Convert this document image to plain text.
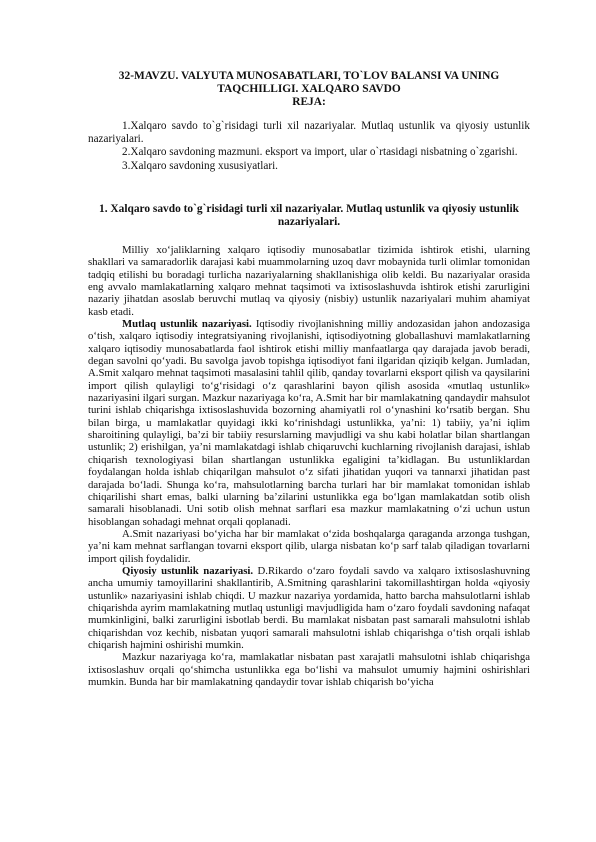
32-MAVZU. VALYUTA MUNOSABATLARI, TO`LOV BALANSI VA UNING
TAQCHILLIGI. XALQARO SAVDO

REJA:

1.Xalqaro savdo to`g`risidagi turli xil nazariyalar. Mutlaq ustunlik va qiyosiy ustunlik nazariyalari.

2.Xalqaro savdoning mazmuni. eksport va import, ular o`rtasidagi nisbatning o`zgarishi.

3.Xalqaro savdoning xususiyatlari.

1. Xalqaro savdo to`g`risidagi turli xil nazariyalar. Mutlaq ustunlik va qiyosiy ustunlik nazariyalari.

Milliy xo‘jaliklarning xalqaro iqtisodiy munosabatlar tizimida ishtirok etishi, ularning shakllari va samaradorlik darajasi kabi muammolarning uzoq davr mobaynida turli olimlar tomonidan tadqiq etilishi bu boradagi turlicha nazariyalarning shakllanishiga olib keldi. Bu nazariyalar orasida eng avvalo mamlakatlarning xalqaro mehnat taqsimoti va ixtisoslashuvda ishtirok etishi zarurligini nazariy jihatdan asoslab beruvchi mutlaq va qiyosiy (nisbiy) ustunlik nazariyalari muhim ahamiyat kasb etadi.

Mutlaq ustunlik nazariyasi. Iqtisodiy rivojlanishning milliy andozasidan jahon andozasiga o‘tish, xalqaro iqtisodiy integratsiyaning rivojlanishi, iqtisodiyotning globallashuvi mamlakatlarning xalqaro iqtisodiy munosabatlarda faol ishtirok etishi milliy manfaatlarga qay darajada javob beradi, degan savolni qo‘yadi. Bu savolga javob topishga iqtisodiyot fani ilgaridan qiziqib kelgan. Jumladan, A.Smit xalqaro mehnat taqsimoti masalasini tahlil qilib, qanday tovarlarni eksport qilish va qaysilarini import qilish qulayligi to‘g‘risidagi o‘z qarashlarini bayon qilish asosida «mutlaq ustunlik» nazariyasini ilgari surgan. Mazkur nazariyaga ko‘ra, A.Smit har bir mamlakatning qandaydir mahsulot turini ishlab chiqarishga ixtisoslashuvida bozorning ahamiyatli rol o‘ynashini ko‘rsatib bergan. Shu bilan birga, u mamlakatlar quyidagi ikki ko‘rinishdagi ustunlikka, ya’ni: 1) tabiiy, ya’ni iqlim sharoitining qulayligi, ba’zi bir tabiiy resurslarning mavjudligi va shu kabi holatlar bilan shartlangan ustunlik; 2) erishilgan, ya’ni mamlakatdagi ishlab chiqaruvchi kuchlarning rivojlanish darajasi, ishlab chiqarish texnologiyasi bilan shartlangan ustunlikka egaligini ta’kidlagan. Bu ustunliklardan foydalangan holda ishlab chiqarilgan mahsulot o‘z sifati jihatidan yuqori va tannarxi jihatidan past darajada bo‘ladi. Shunga ko‘ra, mahsulotlarning barcha turlari har bir mamlakat tomonidan ishlab chiqarilishi shart emas, balki ularning ba’zilarini ustunlikka ega bo‘lgan mamlakatdan sotib olish samarali hisoblanadi. Uni sotib olish mehnat sarflari esa mazkur mamlakatning o‘zi uchun ustun hisoblangan sohadagi mehnat orqali qoplanadi.

A.Smit nazariyasi bo‘yicha har bir mamlakat o‘zida boshqalarga qaraganda arzonga tushgan, ya’ni kam mehnat sarflangan tovarni eksport qilib, ularga nisbatan ko‘p sarf talab qiladigan tovarlarni import qilish foydalidir.

Qiyosiy ustunlik nazariyasi. D.Rikardo o‘zaro foydali savdo va xalqaro ixtisoslashuvning ancha umumiy tamoyillarini shakllantirib, A.Smitning qarashlarini takomillashtirgan holda «qiyosiy ustunlik» nazariyasini ishlab chiqdi. U mazkur nazariya yordamida, hatto barcha mahsulotlarni ishlab chiqarishda ayrim mamlakatning mutlaq ustunligi mavjudligida ham o‘zaro foydali savdoning nafaqat mumkinligini, balki zarurligini isbotlab berdi. Bu mamlakat nisbatan past samarali mahsulotni ishlab chiqarishdan voz kechib, nisbatan yuqori samarali mahsulotni ishlab chiqarishga o‘tish orqali ishlab chiqarish hajmini oshirishi mumkin.

Mazkur nazariyaga ko‘ra, mamlakatlar nisbatan past xarajatli mahsulotni ishlab chiqarishga ixtisoslashuv orqali qo‘shimcha ustunlikka ega bo‘lishi va mahsulot umumiy hajmini oshirishlari mumkin. Bunda har bir mamlakatning qandaydir tovar ishlab chiqarish bo‘yicha
